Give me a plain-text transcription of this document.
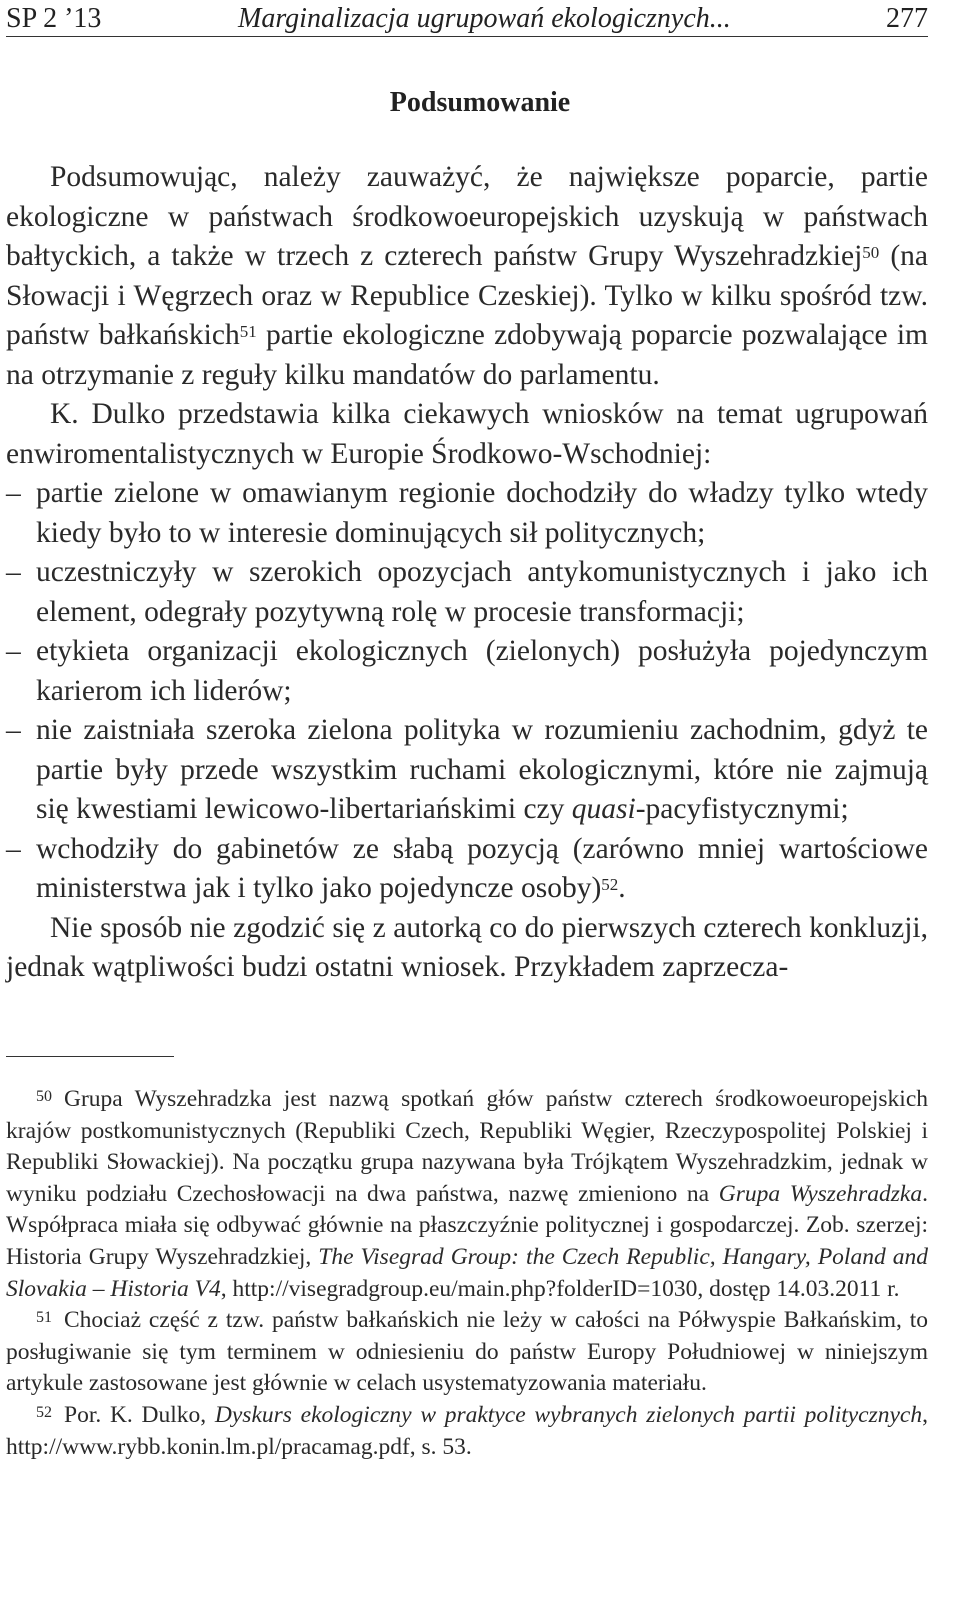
SP 2 ’13	Marginalizacja ugrupowań ekologicznych...	277
Podsumowanie

Podsumowując, należy zauważyć, że największe poparcie, partie ekologiczne w państwach środkowoeuropejskich uzyskują w państwach bałtyckich, a także w trzech z czterech państw Grupy Wyszehradzkiej$^{50}$ (na Słowacji i Węgrzech oraz w Republice Czeskiej). Tylko w kilku spośród tzw. państw bałkańskich$^{51}$ partie ekologiczne zdobywają poparcie pozwalające im na otrzymanie z reguły kilku mandatów do parlamentu.

K. Dulko przedstawia kilka ciekawych wniosków na temat ugrupowań enwiromentalistycznych w Europie Środkowo-Wschodniej:

– partie zielone w omawianym regionie dochodziły do władzy tylko wtedy kiedy było to w interesie dominujących sił politycznych;
– uczestniczyły w szerokich opozycjach antykomunistycznych i jako ich element, odegrały pozytywną rolę w procesie transformacji;
– etykieta organizacji ekologicznych (zielonych) posłużyła pojedynczym karierom ich liderów;
– nie zaistniała szeroka zielona polityka w rozumieniu zachodnim, gdyż te partie były przede wszystkim ruchami ekologicznymi, które nie zajmują się kwestiami lewicowo-libertariańskimi czy quasi-pacyfistycznymi;
– wchodziły do gabinetów ze słabą pozycją (zarówno mniej wartościowe ministerstwa jak i tylko jako pojedyncze osoby)$^{52}$.

Nie sposób nie zgodzić się z autorką co do pierwszych czterech konkluzji, jednak wątpliwości budzi ostatni wniosek. Przykładem zaprzecza-

$^{50}$ Grupa Wyszehradzka jest nazwą spotkań głów państw czterech środkowoeuropejskich krajów postkomunistycznych (Republiki Czech, Republiki Węgier, Rzeczypospolitej Polskiej i Republiki Słowackiej). Na początku grupa nazywana była Trójkątem Wyszehradzkim, jednak w wyniku podziału Czechosłowacji na dwa państwa, nazwę zmieniono na Grupa Wyszehradzka. Współpraca miała się odbywać głównie na płaszczyźnie politycznej i gospodarczej. Zob. szerzej: Historia Grupy Wyszehradzkiej, The Visegrad Group: the Czech Republic, Hangary, Poland and Slovakia – Historia V4, http://visegradgroup.eu/main.php?folderID=1030, dostęp 14.03.2011 r.

$^{51}$ Chociaż część z tzw. państw bałkańskich nie leży w całości na Półwyspie Bałkańskim, to posługiwanie się tym terminem w odniesieniu do państw Europy Południowej w niniejszym artykule zastosowane jest głównie w celach usystematyzowania materiału.

$^{52}$ Por. K. Dulko, Dyskurs ekologiczny w praktyce wybranych zielonych partii politycznych, http://www.rybb.konin.lm.pl/pracamag.pdf, s. 53.
